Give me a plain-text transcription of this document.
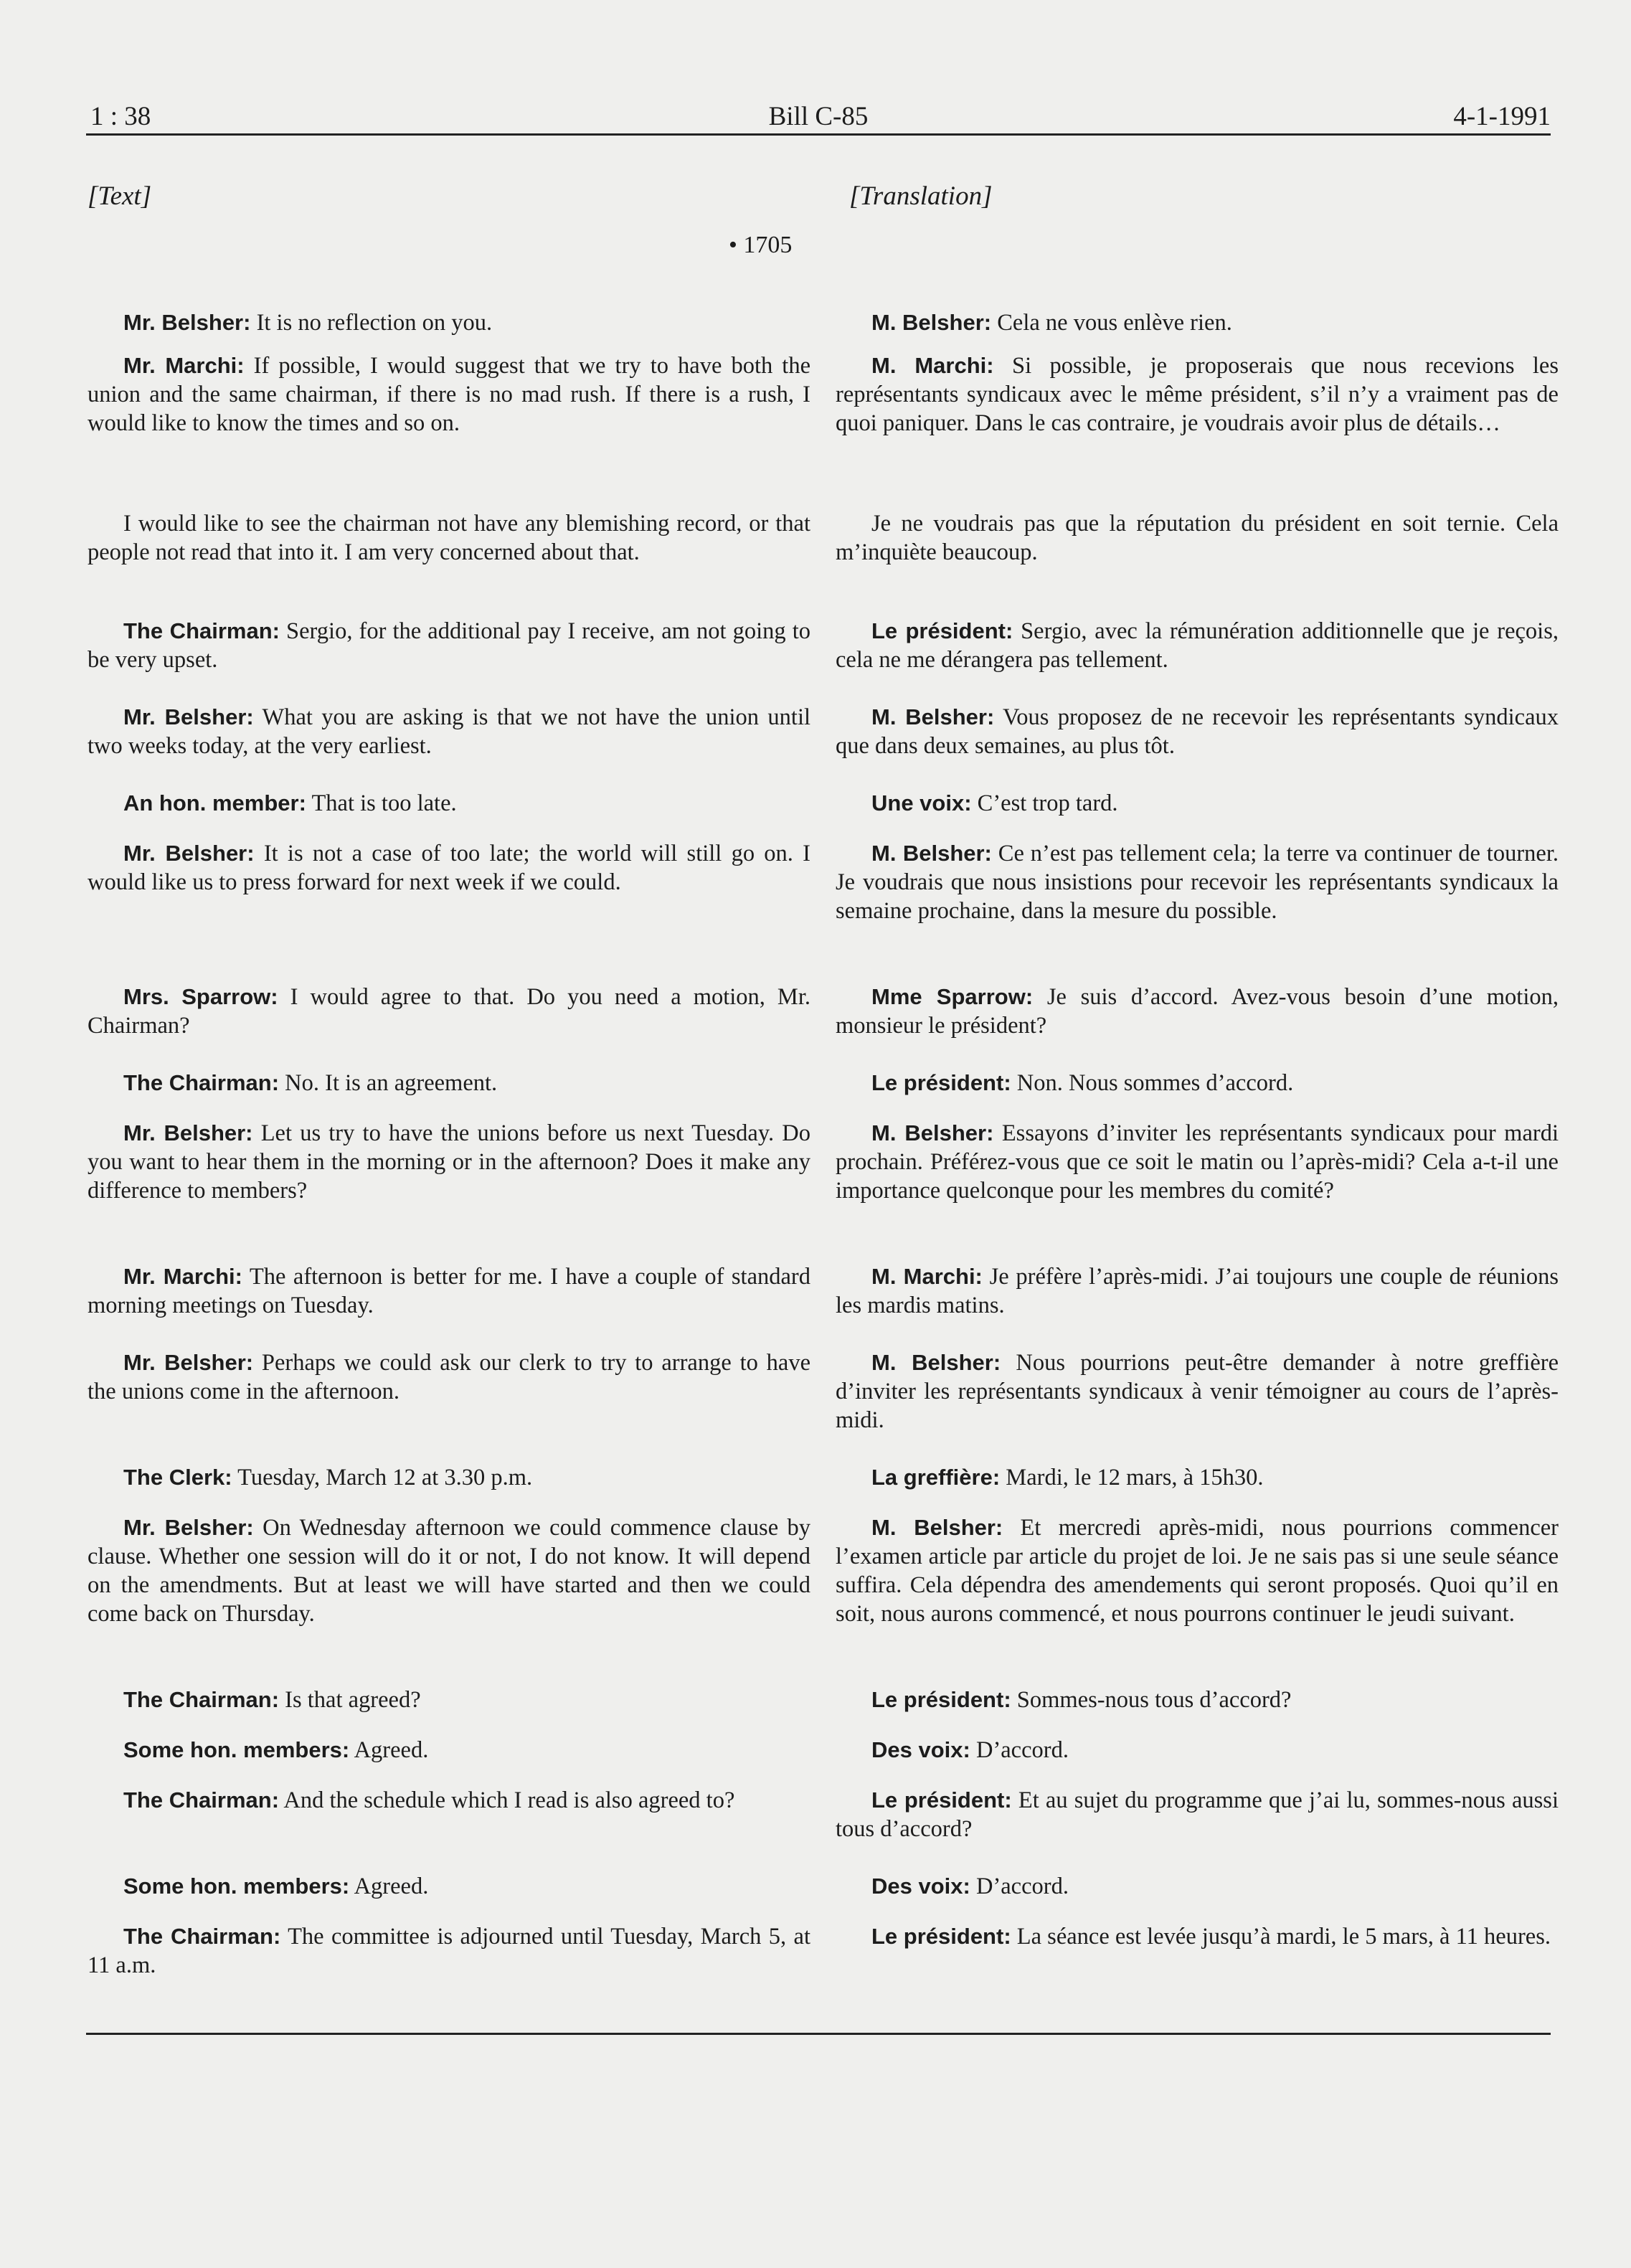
1 : 38	Bill C-85	4-1-1991
[Text]	[Translation]
• 1705

Mr. Belsher: It is no reflection on you.

Mr. Marchi: If possible, I would suggest that we try to have both the union and the same chairman, if there is no mad rush. If there is a rush, I would like to know the times and so on.

I would like to see the chairman not have any blemishing record, or that people not read that into it. I am very concerned about that.

The Chairman: Sergio, for the additional pay I receive, am not going to be very upset.

Mr. Belsher: What you are asking is that we not have the union until two weeks today, at the very earliest.

An hon. member: That is too late.

Mr. Belsher: It is not a case of too late; the world will still go on. I would like us to press forward for next week if we could.

Mrs. Sparrow: I would agree to that. Do you need a motion, Mr. Chairman?

The Chairman: No. It is an agreement.

Mr. Belsher: Let us try to have the unions before us next Tuesday. Do you want to hear them in the morning or in the afternoon? Does it make any difference to members?

Mr. Marchi: The afternoon is better for me. I have a couple of standard morning meetings on Tuesday.

Mr. Belsher: Perhaps we could ask our clerk to try to arrange to have the unions come in the afternoon.

The Clerk: Tuesday, March 12 at 3.30 p.m.

Mr. Belsher: On Wednesday afternoon we could commence clause by clause. Whether one session will do it or not, I do not know. It will depend on the amendments. But at least we will have started and then we could come back on Thursday.

The Chairman: Is that agreed?

Some hon. members: Agreed.

The Chairman: And the schedule which I read is also agreed to?

Some hon. members: Agreed.

The Chairman: The committee is adjourned until Tuesday, March 5, at 11 a.m.

M. Belsher: Cela ne vous enlève rien.

M. Marchi: Si possible, je proposerais que nous recevions les représentants syndicaux avec le même président, s’il n’y a vraiment pas de quoi paniquer. Dans le cas contraire, je voudrais avoir plus de détails…

Je ne voudrais pas que la réputation du président en soit ternie. Cela m’inquiète beaucoup.

Le président: Sergio, avec la rémunération additionnelle que je reçois, cela ne me dérangera pas tellement.

M. Belsher: Vous proposez de ne recevoir les représentants syndicaux que dans deux semaines, au plus tôt.

Une voix: C’est trop tard.

M. Belsher: Ce n’est pas tellement cela; la terre va continuer de tourner. Je voudrais que nous insistions pour recevoir les représentants syndicaux la semaine prochaine, dans la mesure du possible.

Mme Sparrow: Je suis d’accord. Avez-vous besoin d’une motion, monsieur le président?

Le président: Non. Nous sommes d’accord.

M. Belsher: Essayons d’inviter les représentants syndicaux pour mardi prochain. Préférez-vous que ce soit le matin ou l’après-midi? Cela a-t-il une importance quelconque pour les membres du comité?

M. Marchi: Je préfère l’après-midi. J’ai toujours une couple de réunions les mardis matins.

M. Belsher: Nous pourrions peut-être demander à notre greffière d’inviter les représentants syndicaux à venir témoigner au cours de l’après-midi.

La greffière: Mardi, le 12 mars, à 15h30.

M. Belsher: Et mercredi après-midi, nous pourrions commencer l’examen article par article du projet de loi. Je ne sais pas si une seule séance suffira. Cela dépendra des amendements qui seront proposés. Quoi qu’il en soit, nous aurons commencé, et nous pourrons continuer le jeudi suivant.

Le président: Sommes-nous tous d’accord?

Des voix: D’accord.

Le président: Et au sujet du programme que j’ai lu, sommes-nous aussi tous d’accord?

Des voix: D’accord.

Le président: La séance est levée jusqu’à mardi, le 5 mars, à 11 heures.
